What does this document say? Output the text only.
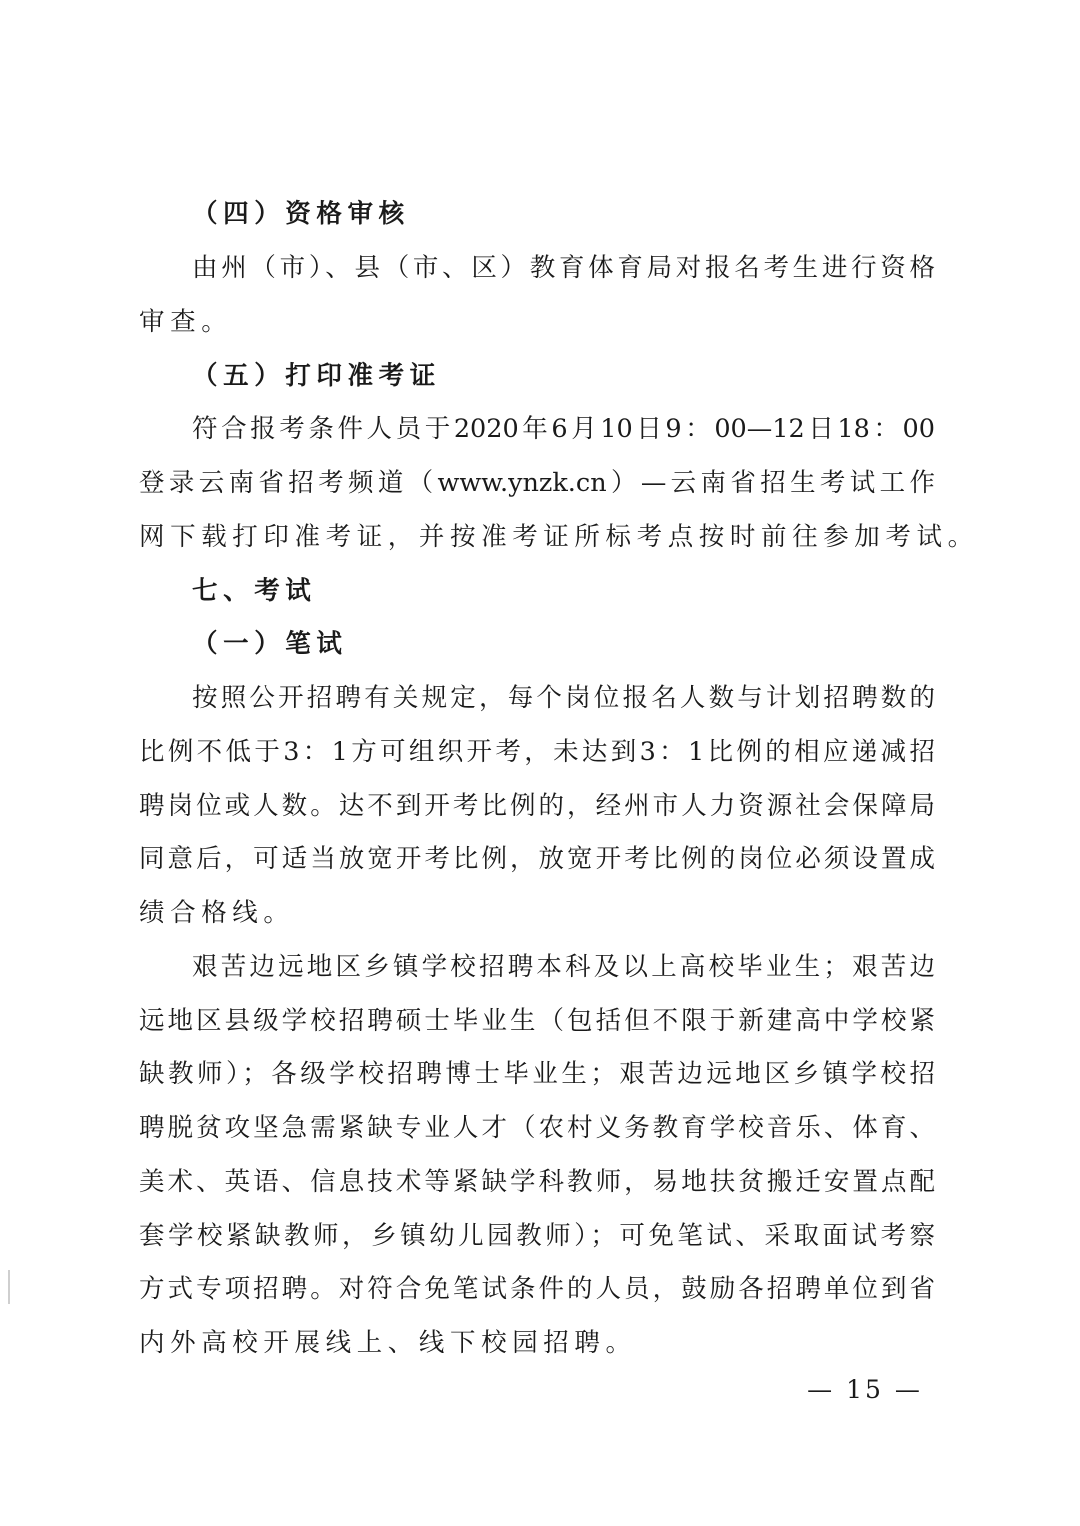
（四）资格审核
由州（市）、县（市、区）教育体育局对报名考生进行资格
审查。
（五）打印准考证
符合报考条件人员于2020年6月10日9：00—12日18：00
登录云南省招考频道（www.ynzk.cn）—云南省招生考试工作
网下载打印准考证，并按准考证所标考点按时前往参加考试。
七、考试
（一）笔试
按照公开招聘有关规定，每个岗位报名人数与计划招聘数的
比例不低于3：1方可组织开考，未达到3：1比例的相应递减招
聘岗位或人数。达不到开考比例的，经州市人力资源社会保障局
同意后，可适当放宽开考比例，放宽开考比例的岗位必须设置成
绩合格线。
艰苦边远地区乡镇学校招聘本科及以上高校毕业生；艰苦边
远地区县级学校招聘硕士毕业生（包括但不限于新建高中学校紧
缺教师）；各级学校招聘博士毕业生；艰苦边远地区乡镇学校招
聘脱贫攻坚急需紧缺专业人才（农村义务教育学校音乐、体育、
美术、英语、信息技术等紧缺学科教师，易地扶贫搬迁安置点配
套学校紧缺教师，乡镇幼儿园教师）；可免笔试、采取面试考察
方式专项招聘。对符合免笔试条件的人员，鼓励各招聘单位到省
内外高校开展线上、线下校园招聘。
— 15 —
